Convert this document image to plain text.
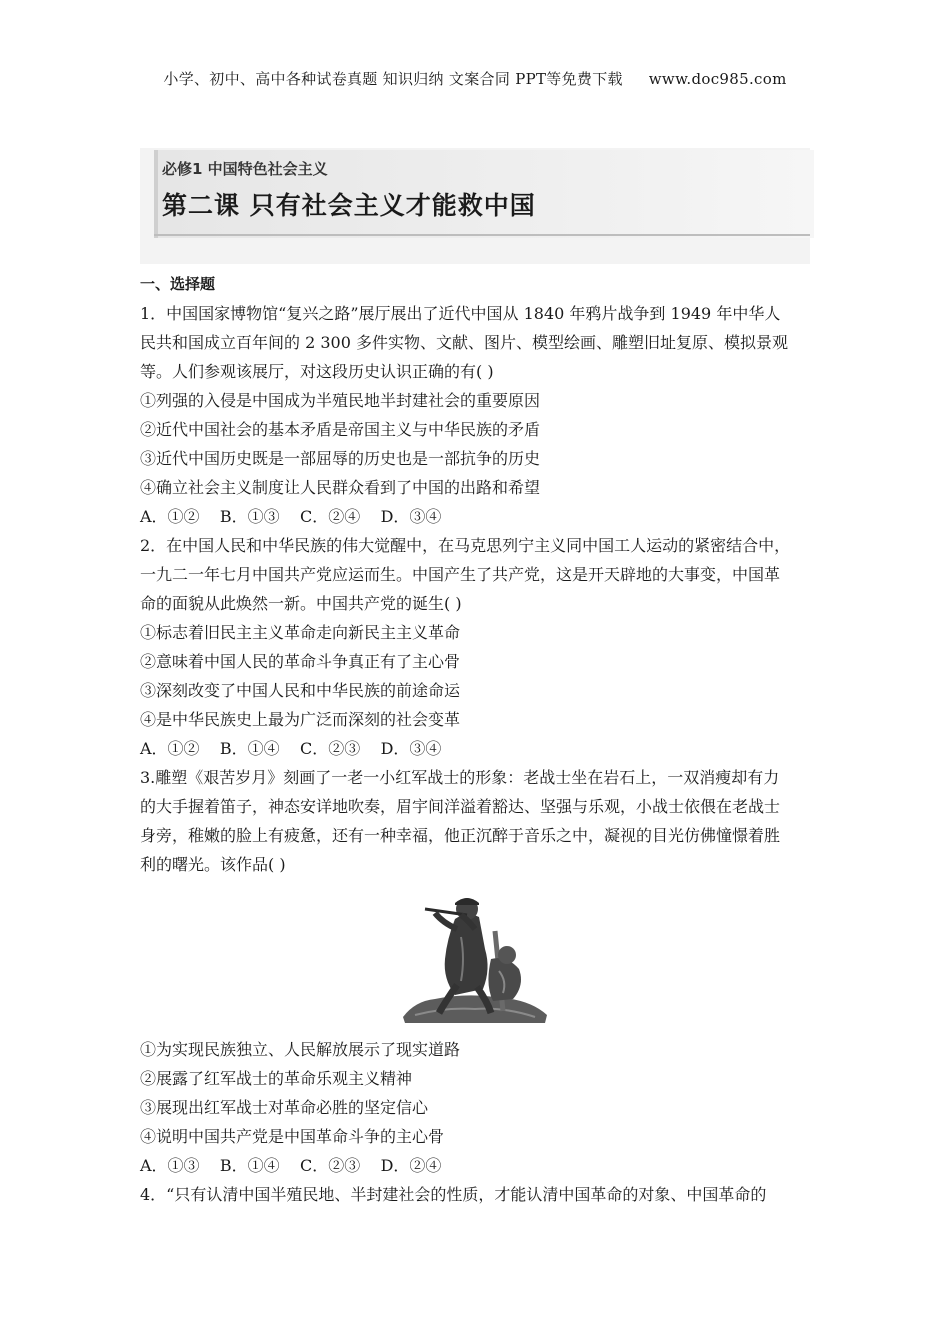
小学、初中、高中各种试卷真题 知识归纳 文案合同 PPT等免费下载 www.doc985.com
必修1 中国特色社会主义
第二课 只有社会主义才能救中国
一、选择题
1．中国国家博物馆“复兴之路”展厅展出了近代中国从 1840 年鸦片战争到 1949 年中华人
民共和国成立百年间的 2 300 多件实物、文献、图片、模型绘画、雕塑旧址复原、模拟景观
等。人们参观该展厅，对这段历史认识正确的有( )
①列强的入侵是中国成为半殖民地半封建社会的重要原因
②近代中国社会的基本矛盾是帝国主义与中华民族的矛盾
③近代中国历史既是一部屈辱的历史也是一部抗争的历史
④确立社会主义制度让人民群众看到了中国的出路和希望
A．①②    B．①③    C．②④    D．③④
2．在中国人民和中华民族的伟大觉醒中，在马克思列宁主义同中国工人运动的紧密结合中，
一九二一年七月中国共产党应运而生。中国产生了共产党，这是开天辟地的大事变，中国革
命的面貌从此焕然一新。中国共产党的诞生( )
①标志着旧民主主义革命走向新民主主义革命
②意味着中国人民的革命斗争真正有了主心骨
③深刻改变了中国人民和中华民族的前途命运
④是中华民族史上最为广泛而深刻的社会变革
A．①②    B．①④    C．②③    D．③④
3.雕塑《艰苦岁月》刻画了一老一小红军战士的形象：老战士坐在岩石上，一双消瘦却有力
的大手握着笛子，神态安详地吹奏，眉宇间洋溢着豁达、坚强与乐观，小战士依偎在老战士
身旁，稚嫩的脸上有疲惫，还有一种幸福，他正沉醉于音乐之中，凝视的目光仿佛憧憬着胜
利的曙光。该作品( )
①为实现民族独立、人民解放展示了现实道路
②展露了红军战士的革命乐观主义精神
③展现出红军战士对革命必胜的坚定信心
④说明中国共产党是中国革命斗争的主心骨
A．①③    B．①④    C．②③    D．②④
4．“只有认清中国半殖民地、半封建社会的性质，才能认清中国革命的对象、中国革命的
